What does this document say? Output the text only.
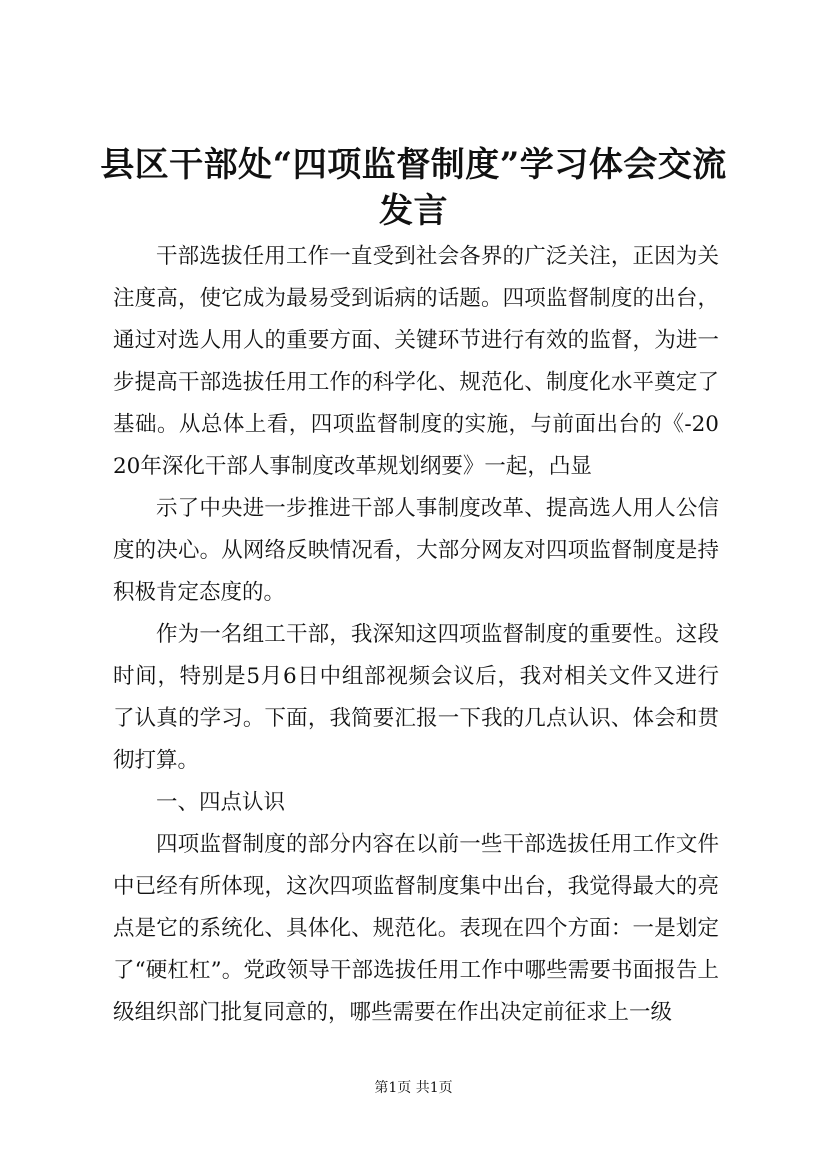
县区干部处“四项监督制度”学习体会交流发言

干部选拔任用工作一直受到社会各界的广泛关注，正因为关注度高，使它成为最易受到诟病的话题。四项监督制度的出台，通过对选人用人的重要方面、关键环节进行有效的监督，为进一步提高干部选拔任用工作的科学化、规范化、制度化水平奠定了基础。从总体上看，四项监督制度的实施，与前面出台的《-2020年深化干部人事制度改革规划纲要》一起，凸显

示了中央进一步推进干部人事制度改革、提高选人用人公信度的决心。从网络反映情况看，大部分网友对四项监督制度是持积极肯定态度的。

作为一名组工干部，我深知这四项监督制度的重要性。这段时间，特别是5月6日中组部视频会议后，我对相关文件又进行了认真的学习。下面，我简要汇报一下我的几点认识、体会和贯彻打算。

一、四点认识

四项监督制度的部分内容在以前一些干部选拔任用工作文件中已经有所体现，这次四项监督制度集中出台，我觉得最大的亮点是它的系统化、具体化、规范化。表现在四个方面：一是划定了“硬杠杠”。党政领导干部选拔任用工作中哪些需要书面报告上级组织部门批复同意的，哪些需要在作出决定前征求上一级

第1页 共1页
